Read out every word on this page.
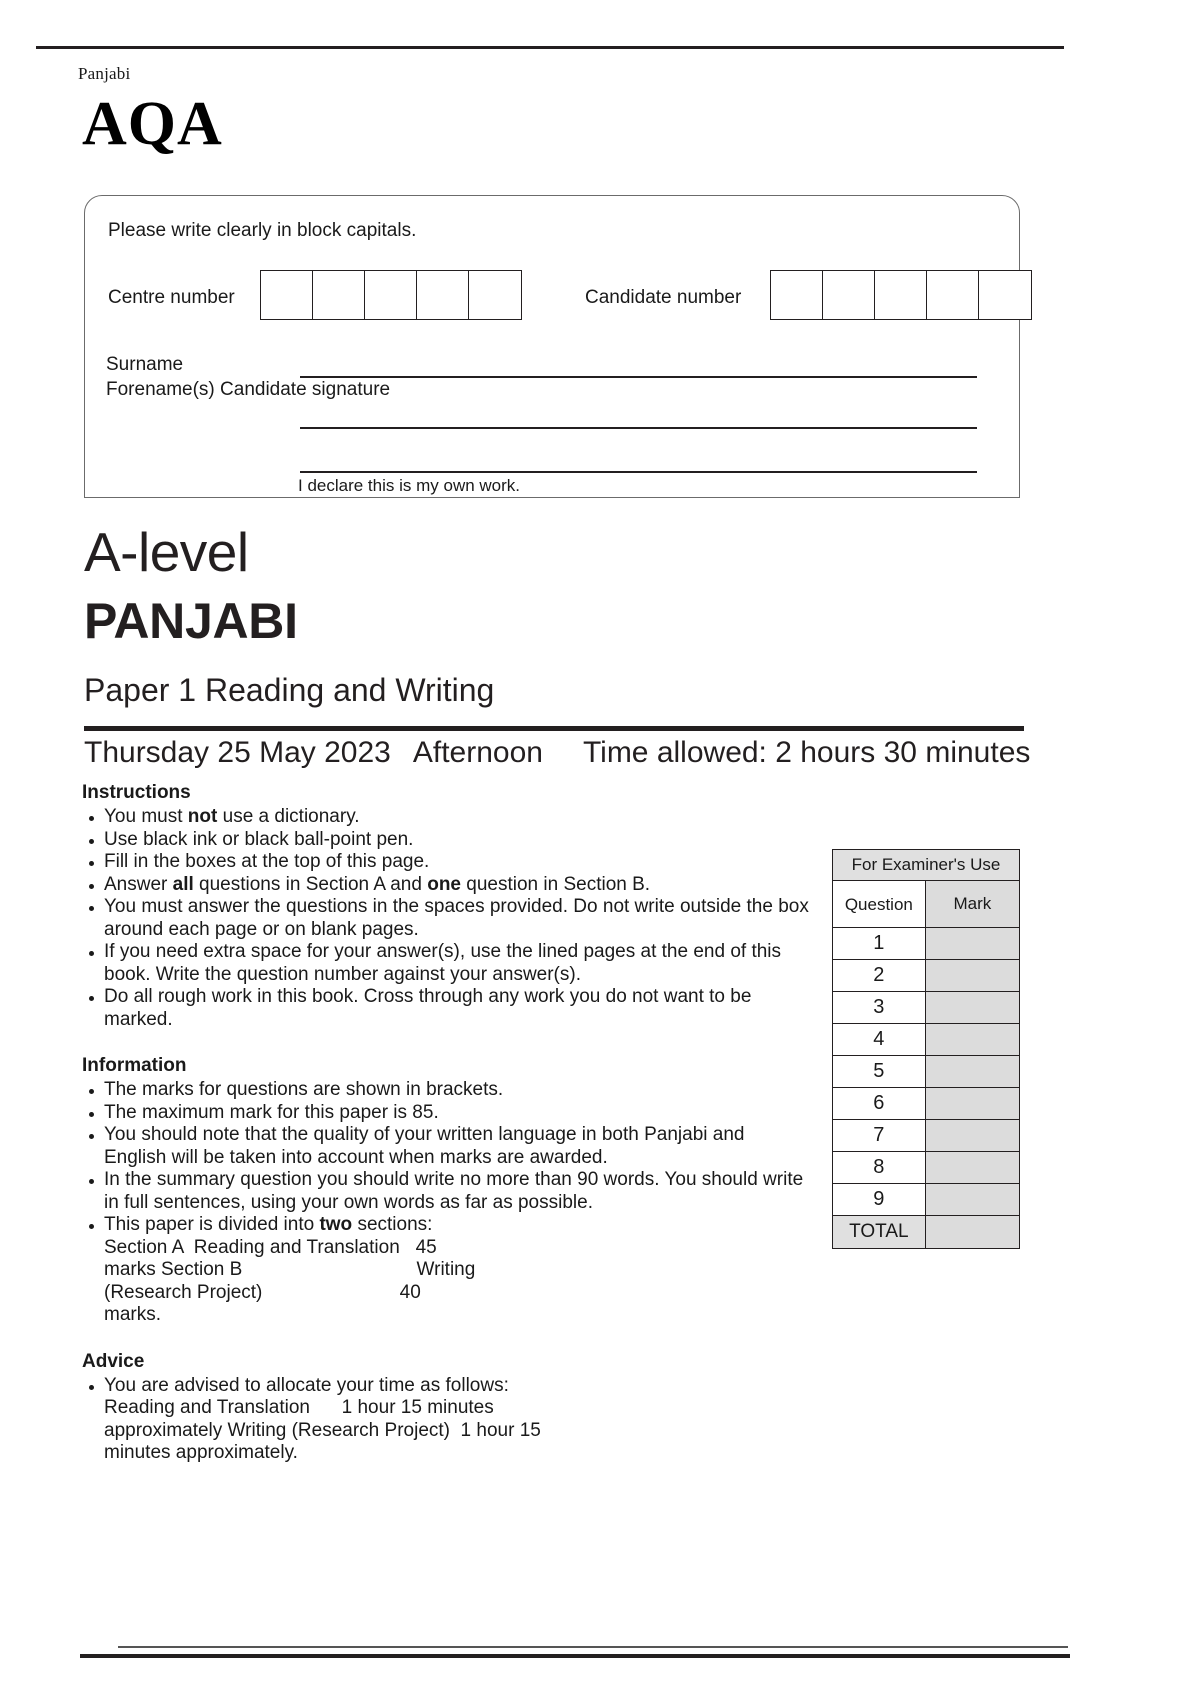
Panjabi
AQA
Please write clearly in block capitals.
Centre number	Candidate number
Surname
Forename(s) Candidate signature
I declare this is my own work.
A-level
PANJABI
Paper 1 Reading and Writing
Thursday 25 May 2023 Afternoon Time allowed: 2 hours 30 minutes
Instructions
You must not use a dictionary.
Use black ink or black ball-point pen.
Fill in the boxes at the top of this page.
Answer all questions in Section A and one question in Section B.
You must answer the questions in the spaces provided. Do not write outside the box around each page or on blank pages.
If you need extra space for your answer(s), use the lined pages at the end of this book. Write the question number against your answer(s).
Do all rough work in this book. Cross through any work you do not want to be marked.
Information
The marks for questions are shown in brackets.
The maximum mark for this paper is 85.
You should note that the quality of your written language in both Panjabi and English will be taken into account when marks are awarded.
In the summary question you should write no more than 90 words. You should write in full sentences, using your own words as far as possible.
This paper is divided into two sections:
Section A  Reading and Translation   45
marks Section B                                 Writing
(Research Project)                          40
marks.
Advice
You are advised to allocate your time as follows:
Reading and Translation      1 hour 15 minutes
approximately Writing (Research Project)  1 hour 15
minutes approximately.
For Examiner's Use	
Question	Mark
1	
2	
3	
4	
5	
6	
7	
8	
9	
TOTAL	
